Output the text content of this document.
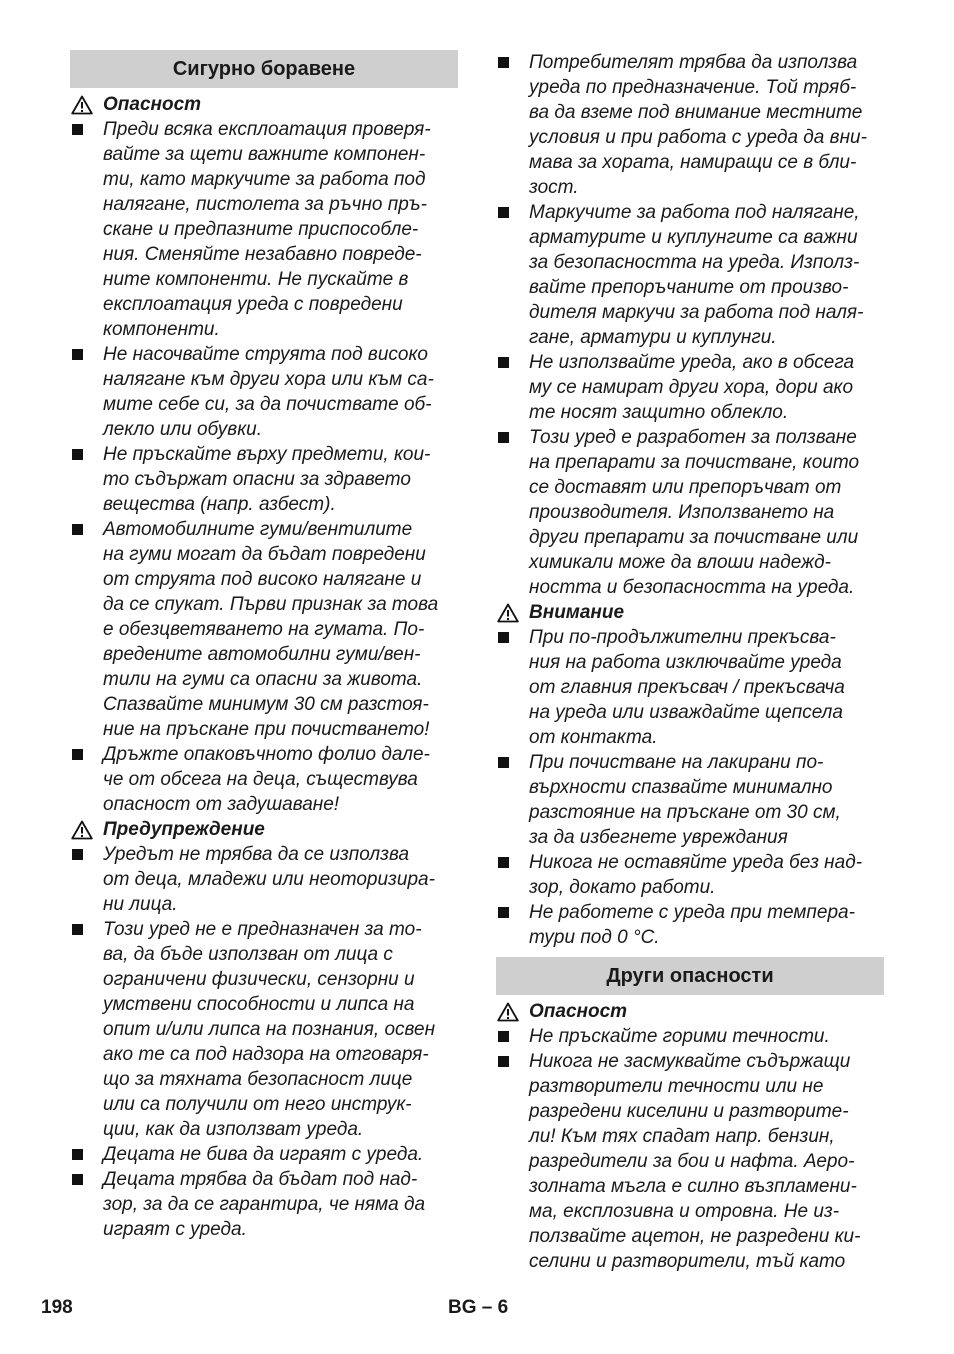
Сигурно боравене
Опасност
Преди всяка експлоатация проверя-
вайте за щети важните компонен-
ти, като маркучите за работа под
налягане, пистолета за ръчно пръ-
скане и предпазните приспособле-
ния. Сменяйте незабавно повреде-
ните компоненти. Не пускайте в
експлоатация уреда с повредени
компоненти.
Не насочвайте струята под високо
налягане към други хора или към са-
мите себе си, за да почиствате об-
лекло или обувки.
Не пръскайте върху предмети, кои-
то съдържат опасни за здравето
вещества (напр. азбест).
Автомобилните гуми/вентилите
на гуми могат да бъдат повредени
от струята под високо налягане и
да се спукат. Първи признак за това
е обезцветяването на гумата. По-
вредените автомобилни гуми/вен-
тили на гуми са опасни за живота.
Спазвайте минимум 30 см разстоя-
ние на пръскане при почистването!
Дръжте опаковъчното фолио дале-
че от обсега на деца, съществува
опасност от задушаване!
Предупреждение
Уредът не трябва да се използва
от деца, младежи или неоторизира-
ни лица.
Този уред не е предназначен за то-
ва, да бъде използван от лица с
ограничени физически, сензорни и
умствени способности и липса на
опит и/или липса на познания, освен
ако те са под надзора на отговаря-
що за тяхната безопасност лице
или са получили от него инструк-
ции, как да използват уреда.
Децата не бива да играят с уреда.
Децата трябва да бъдат под над-
зор, за да се гарантира, че няма да
играят с уреда.
Потребителят трябва да използва
уреда по предназначение. Той тряб-
ва да вземе под внимание местните
условия и при работа с уреда да вни-
мава за хората, намиращи се в бли-
зост.
Маркучите за работа под налягане,
арматурите и куплунгите са важни
за безопасността на уреда. Използ-
вайте препоръчаните от произво-
дителя маркучи за работа под наля-
гане, арматури и куплунги.
Не използвайте уреда, ако в обсега
му се намират други хора, дори ако
те носят защитно облекло.
Този уред е разработен за ползване
на препарати за почистване, които
се доставят или препоръчват от
производителя. Използването на
други препарати за почистване или
химикали може да влоши надежд-
ността и безопасността на уреда.
Внимание
При по-продължителни прекъсва-
ния на работа изключвайте уреда
от главния прекъсвач / прекъсвача
на уреда или изваждайте щепсела
от контакта.
При почистване на лакирани по-
върхности спазвайте минимално
разстояние на пръскане от 30 см,
за да избегнете увреждания
Никога не оставяйте уреда без над-
зор, докато работи.
Не работете с уреда при темпера-
тури под 0 °C.
Други опасности
Опасност
Не пръскайте горими течности.
Никога не засмуквайте съдържащи
разтворители течности или не
разредени киселини и разтворите-
ли! Към тях спадат напр. бензин,
разредители за бои и нафта. Аеро-
золната мъгла е силно възпламени-
ма, експлозивна и отровна. Не из-
ползвайте ацетон, не разредени ки-
селини и разтворители, тъй като
198	BG – 6
